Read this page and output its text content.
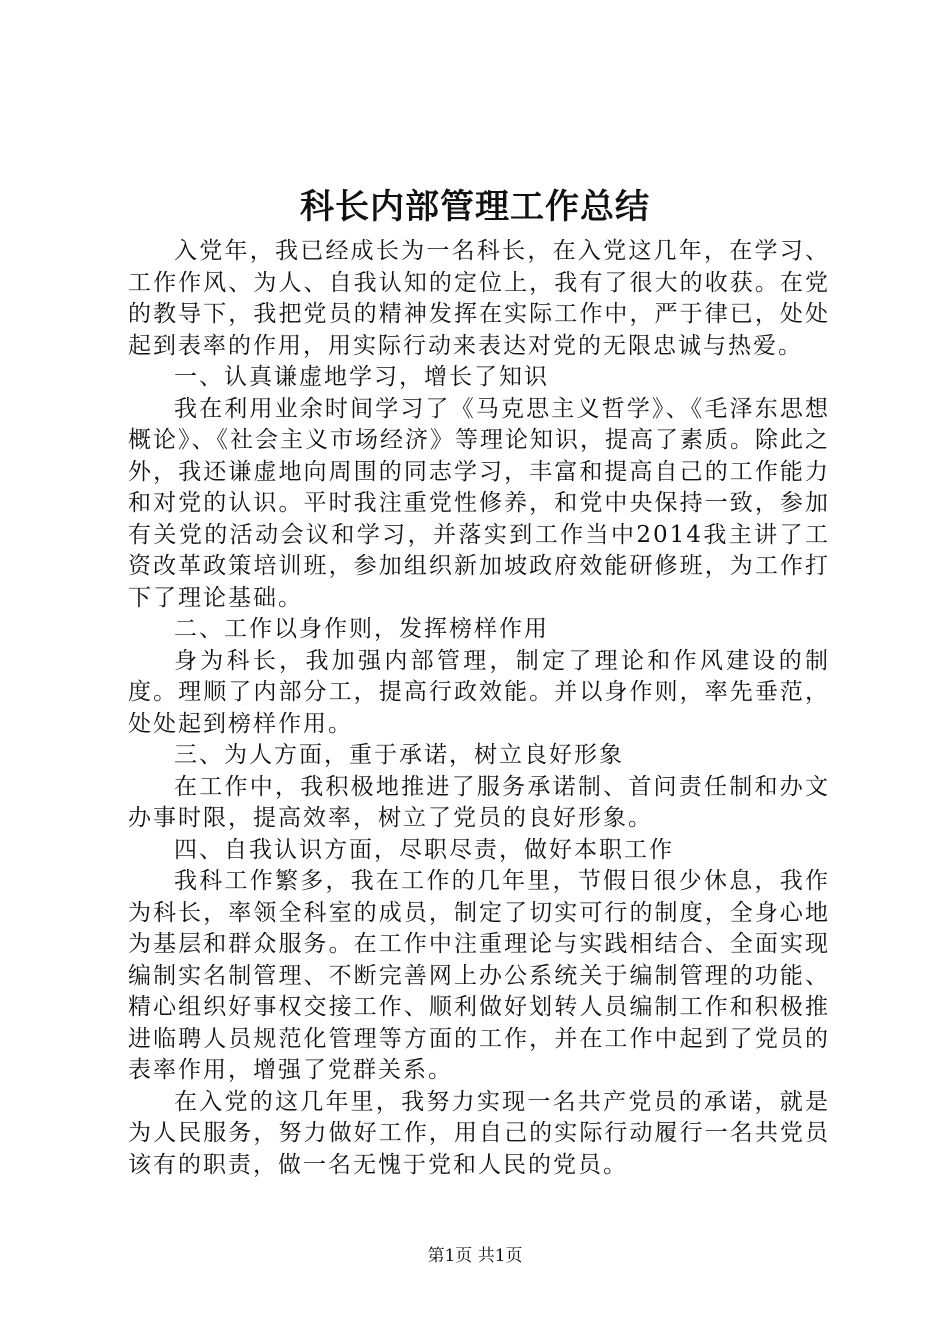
科长内部管理工作总结

入党年，我已经成长为一名科长，在入党这几年，在学习、工作作风、为人、自我认知的定位上，我有了很大的收获。在党的教导下，我把党员的精神发挥在实际工作中，严于律已，处处起到表率的作用，用实际行动来表达对党的无限忠诚与热爱。

一、认真谦虚地学习，增长了知识

我在利用业余时间学习了《马克思主义哲学》、《毛泽东思想概论》、《社会主义市场经济》等理论知识，提高了素质。除此之外，我还谦虚地向周围的同志学习，丰富和提高自己的工作能力和对党的认识。平时我注重党性修养，和党中央保持一致，参加有关党的活动会议和学习，并落实到工作当中2014我主讲了工资改革政策培训班，参加组织新加坡政府效能研修班，为工作打下了理论基础。

二、工作以身作则，发挥榜样作用

身为科长，我加强内部管理，制定了理论和作风建设的制度。理顺了内部分工，提高行政效能。并以身作则，率先垂范，处处起到榜样作用。

三、为人方面，重于承诺，树立良好形象

在工作中，我积极地推进了服务承诺制、首问责任制和办文办事时限，提高效率，树立了党员的良好形象。

四、自我认识方面，尽职尽责，做好本职工作

我科工作繁多，我在工作的几年里，节假日很少休息，我作为科长，率领全科室的成员，制定了切实可行的制度，全身心地为基层和群众服务。在工作中注重理论与实践相结合、全面实现编制实名制管理、不断完善网上办公系统关于编制管理的功能、精心组织好事权交接工作、顺利做好划转人员编制工作和积极推进临聘人员规范化管理等方面的工作，并在工作中起到了党员的表率作用，增强了党群关系。

在入党的这几年里，我努力实现一名共产党员的承诺，就是为人民服务，努力做好工作，用自己的实际行动履行一名共党员该有的职责，做一名无愧于党和人民的党员。

第1页 共1页
